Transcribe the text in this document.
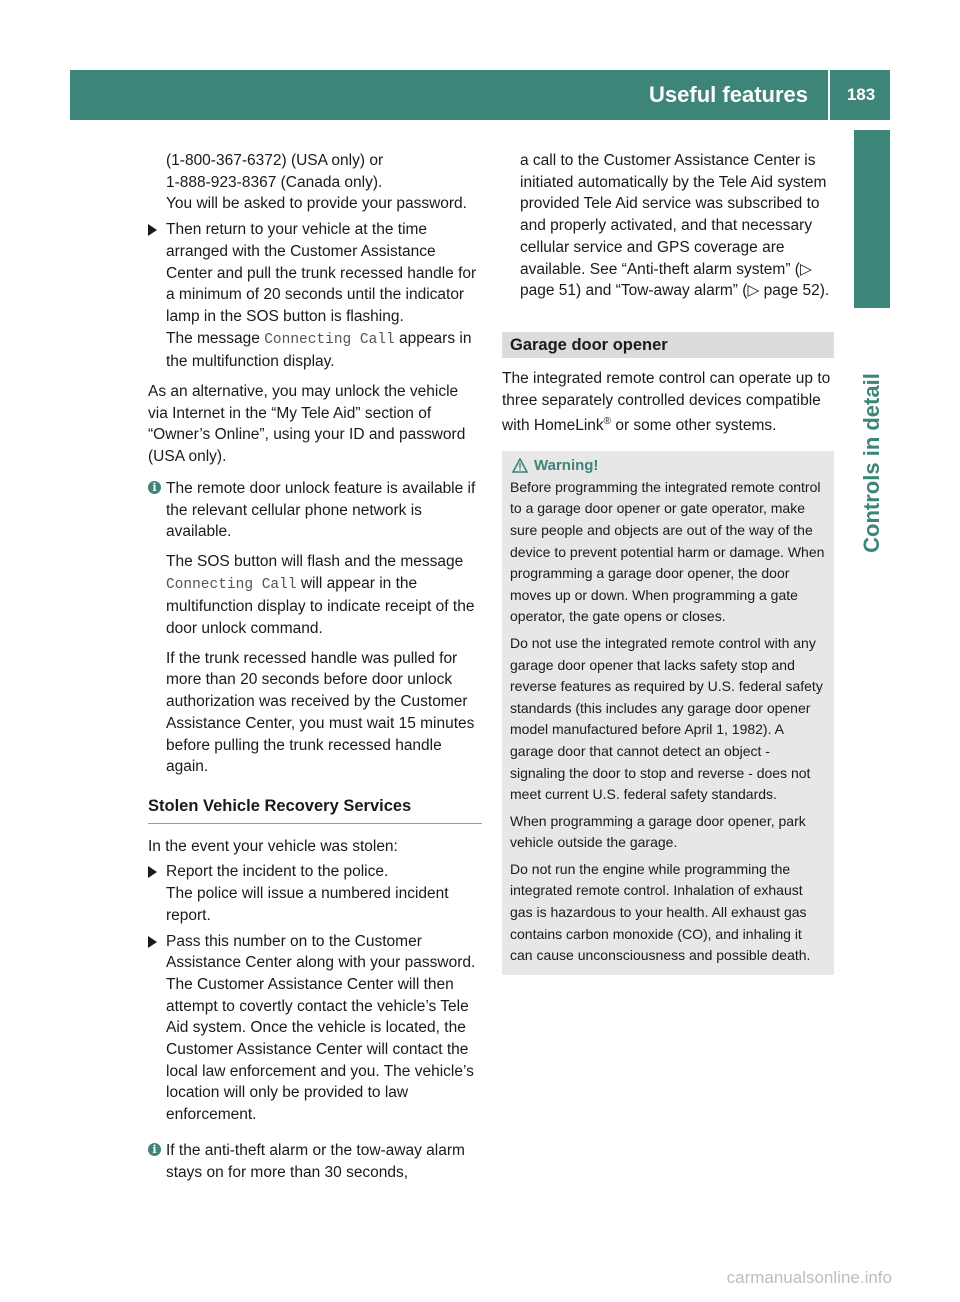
Useful features	183
Controls in detail

(1-800-367-6372) (USA only) or

1-888-923-8367 (Canada only).

You will be asked to provide your password.

Then return to your vehicle at the time arranged with the Customer Assistance Center and pull the trunk recessed handle for a minimum of 20 seconds until the indicator lamp in the SOS button is flashing.

The message Connecting Call appears in the multifunction display.

As an alternative, you may unlock the vehicle via Internet in the “My Tele Aid” section of “Owner’s Online”, using your ID and password (USA only).

i The remote door unlock feature is available if the relevant cellular phone network is available.

The SOS button will flash and the message Connecting Call will appear in the multifunction display to indicate receipt of the door unlock command.

If the trunk recessed handle was pulled for more than 20 seconds before door unlock authorization was received by the Customer Assistance Center, you must wait 15 minutes before pulling the trunk recessed handle again.

Stolen Vehicle Recovery Services

In the event your vehicle was stolen:

Report the incident to the police.

The police will issue a numbered incident report.

Pass this number on to the Customer Assistance Center along with your password.

The Customer Assistance Center will then attempt to covertly contact the vehicle’s Tele Aid system. Once the vehicle is located, the Customer Assistance Center will contact the local law enforcement and you. The vehicle’s location will only be provided to law enforcement.

i If the anti-theft alarm or the tow-away alarm stays on for more than 30 seconds,

a call to the Customer Assistance Center is initiated automatically by the Tele Aid system provided Tele Aid service was subscribed to and properly activated, and that necessary cellular service and GPS coverage are available. See “Anti-theft alarm system” (▷ page 51) and “Tow-away alarm” (▷ page 52).

Garage door opener

The integrated remote control can operate up to three separately controlled devices compatible with HomeLink® or some other systems.

Warning!

Before programming the integrated remote control to a garage door opener or gate operator, make sure people and objects are out of the way of the device to prevent potential harm or damage. When programming a garage door opener, the door moves up or down. When programming a gate operator, the gate opens or closes.

Do not use the integrated remote control with any garage door opener that lacks safety stop and reverse features as required by U.S. federal safety standards (this includes any garage door opener model manufactured before April 1, 1982). A garage door that cannot detect an object - signaling the door to stop and reverse - does not meet current U.S. federal safety standards.

When programming a garage door opener, park vehicle outside the garage.

Do not run the engine while programming the integrated remote control. Inhalation of exhaust gas is hazardous to your health. All exhaust gas contains carbon monoxide (CO), and inhaling it can cause unconsciousness and possible death.

carmanualsonline.info
